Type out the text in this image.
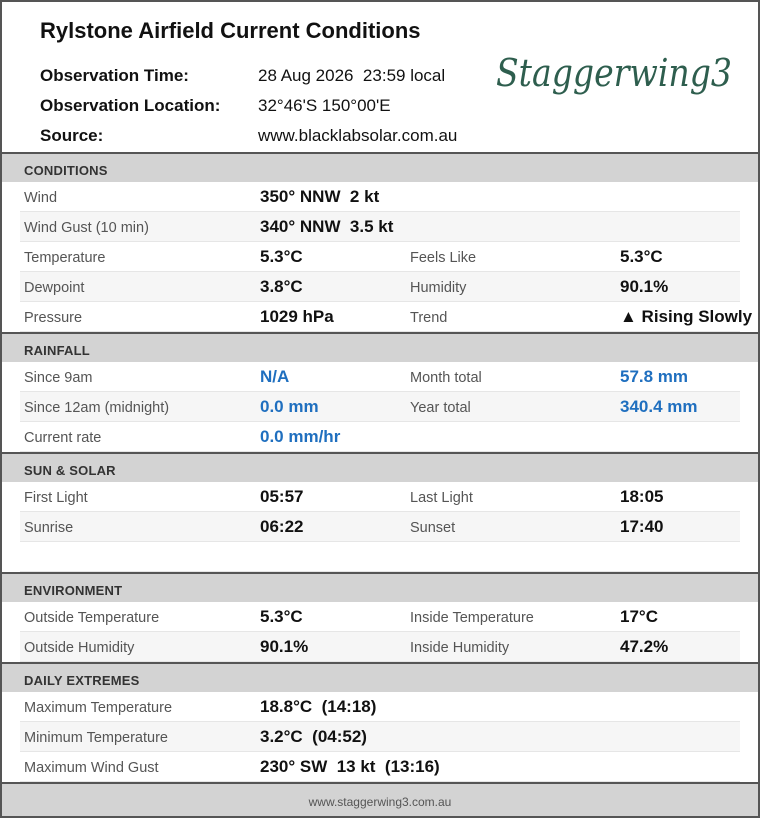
Rylstone Airfield Current Conditions
Observation Time:	28 Aug 2026  23:59 local
Observation Location: 32°46'S 150°00'E
Source:	www.blacklabsolar.com.au
Staggerwing3
CONDITIONS
Wind	350° NNW  2 kt
Wind Gust (10 min)	340° NNW  3.5 kt
Temperature	5.3°C	Feels Like	5.3°C
Dewpoint	3.8°C	Humidity	90.1%
Pressure	1029 hPa	Trend	▲ Rising Slowly
RAINFALL
Since 9am	N/A	Month total	57.8 mm
Since 12am (midnight)	0.0 mm	Year total	340.4 mm
Current rate	0.0 mm/hr
SUN & SOLAR
First Light	05:57	Last Light	18:05
Sunrise	06:22	Sunset	17:40
ENVIRONMENT
Outside Temperature	5.3°C	Inside Temperature	17°C
Outside Humidity	90.1%	Inside Humidity	47.2%
DAILY EXTREMES
Maximum Temperature	18.8°C  (14:18)
Minimum Temperature	3.2°C  (04:52)
Maximum Wind Gust	230° SW  13 kt  (13:16)
www.staggerwing3.com.au
